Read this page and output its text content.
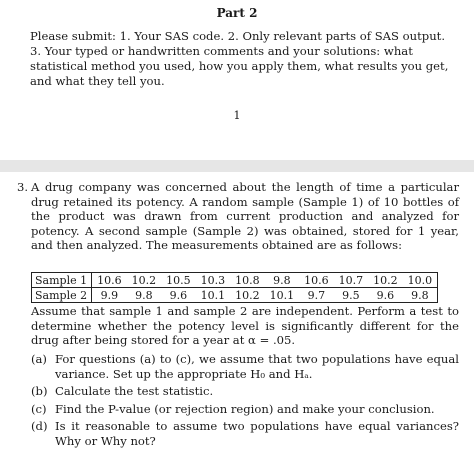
Part 2
Please submit: 1. Your SAS code. 2. Only relevant parts of SAS output. 3. Your typed or handwritten comments and your solutions: what statistical method you used, how you apply them, what results you get, and what they tell you.
1
3. A drug company was concerned about the length of time a particular drug retained its potency. A random sample (Sample 1) of 10 bottles of the product was drawn from current production and analyzed for potency. A second sample (Sample 2) was obtained, stored for 1 year, and then analyzed. The measurements obtained are as follows:
Sample 1	10.6	10.2	10.5	10.3	10.8	9.8	10.6	10.7	10.2	10.0
Sample 2	9.9	9.8	9.6	10.1	10.2	10.1	9.7	9.5	9.6	9.8
Assume that sample 1 and sample 2 are independent. Perform a test to determine whether the potency level is significantly different for the drug after being stored for a year at α = .05.
(a) For questions (a) to (c), we assume that two populations have equal variance. Set up the appropriate H₀ and Hₐ.
(b) Calculate the test statistic.
(c) Find the P-value (or rejection region) and make your conclusion.
(d) Is it reasonable to assume two populations have equal variances? Why or Why not?
